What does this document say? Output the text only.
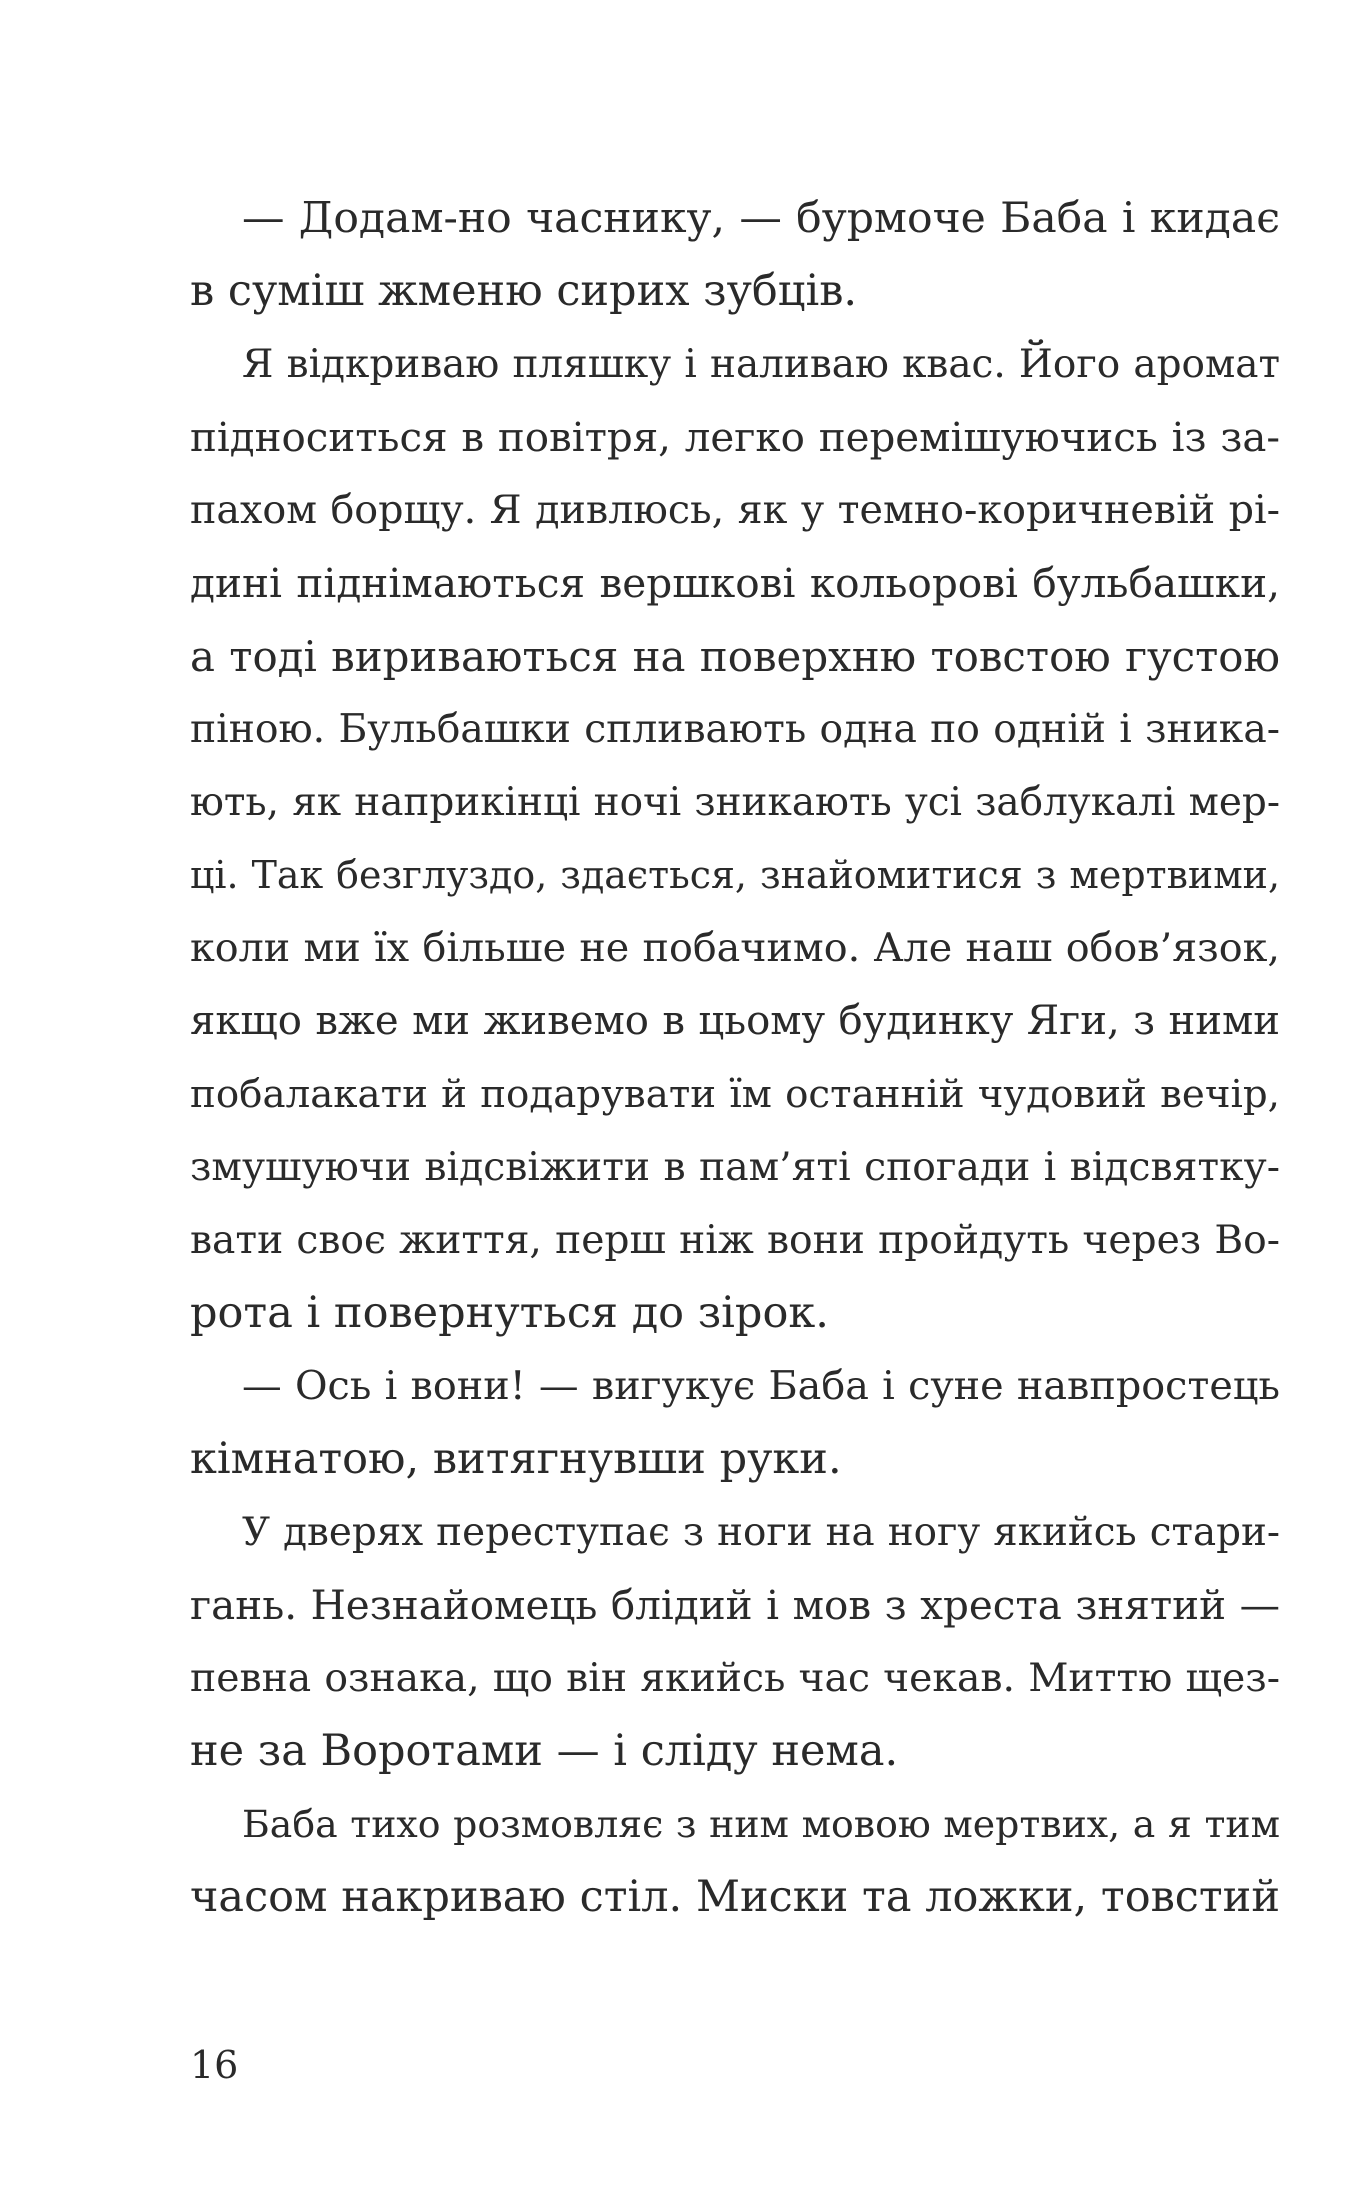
— Додам-но часнику, — бурмоче Баба і кидає
в суміш жменю сирих зубців.
Я відкриваю пляшку і наливаю квас. Його аромат
підноситься в повітря, легко перемішуючись із за-
пахом борщу. Я дивлюсь, як у темно-коричневій рі-
дині піднімаються вершкові кольорові бульбашки,
а тоді вириваються на поверхню товстою густою
піною. Бульбашки спливають одна по одній і зника-
ють, як наприкінці ночі зникають усі заблукалі мер-
ці. Так безглуздо, здається, знайомитися з мертвими,
коли ми їх більше не побачимо. Але наш обов’язок,
якщо вже ми живемо в цьому будинку Яги, з ними
побалакати й подарувати їм останній чудовий вечір,
змушуючи відсвіжити в пам’яті спогади і відсвятку-
вати своє життя, перш ніж вони пройдуть через Во-
рота і повернуться до зірок.
— Ось і вони! — вигукує Баба і суне навпростець
кімнатою, витягнувши руки.
У дверях переступає з ноги на ногу якийсь стари-
гань. Незнайомець блідий і мов з хреста знятий —
певна ознака, що він якийсь час чекав. Миттю щез-
не за Воротами — і сліду нема.
Баба тихо розмовляє з ним мовою мертвих, а я тим
часом накриваю стіл. Миски та ложки, товстий
16
